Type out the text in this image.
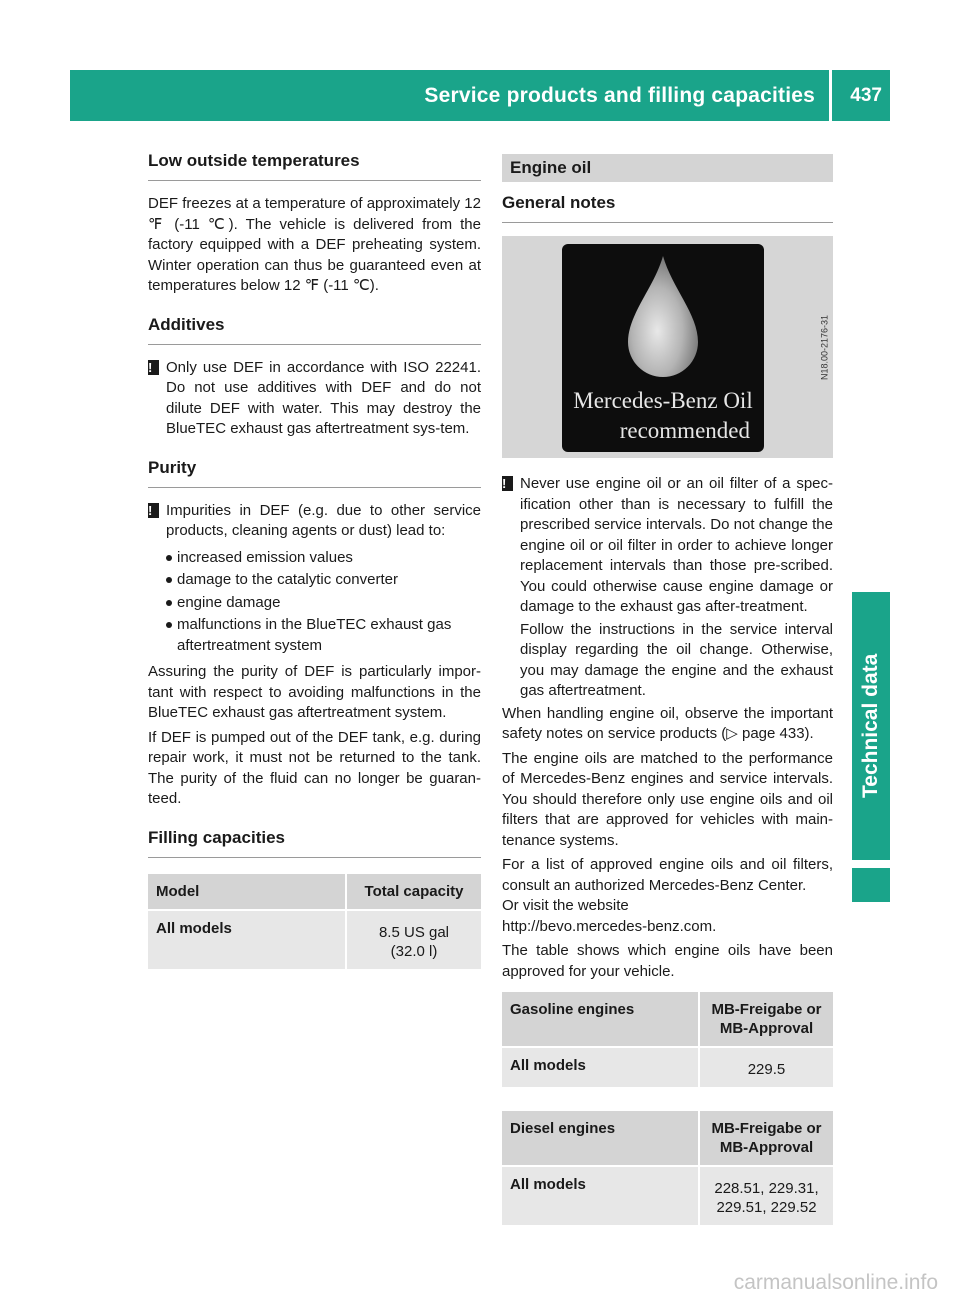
Service products and filling capacities 437
Technical data
Low outside temperatures

DEF freezes at a temperature of approximately 12 ℉ (-11 ℃). The vehicle is delivered from the factory equipped with a DEF preheating system. Winter operation can thus be guaranteed even at temperatures below 12 ℉ (-11 ℃).

Additives
! Only use DEF in accordance with ISO 22241. Do not use additives with DEF and do not dilute DEF with water. This may destroy the BlueTEC exhaust gas aftertreatment sys-tem.
Purity
! Impurities in DEF (e.g. due to other service products, cleaning agents or dust) lead to:
increased emission values
damage to the catalytic converter
engine damage
malfunctions in the BlueTEC exhaust gas aftertreatment system

Assuring the purity of DEF is particularly impor-tant with respect to avoiding malfunctions in the BlueTEC exhaust gas aftertreatment system.

If DEF is pumped out of the DEF tank, e.g. during repair work, it must not be returned to the tank. The purity of the fluid can no longer be guaran-teed.

Filling capacities
Model	Total capacity
All models	8.5 US gal
(32.0 l)
Engine oil
General notes
Mercedes-Benz Oil
recommended
N18.00-2176-31
! Never use engine oil or an oil filter of a spec-ification other than is necessary to fulfill the prescribed service intervals. Do not change the engine oil or oil filter in order to achieve longer replacement intervals than those pre-scribed. You could otherwise cause engine damage or damage to the exhaust gas after-treatment.
Follow the instructions in the service interval display regarding the oil change. Otherwise, you may damage the engine and the exhaust gas aftertreatment.

When handling engine oil, observe the important safety notes on service products (▷ page 433).

The engine oils are matched to the performance of Mercedes-Benz engines and service intervals. You should therefore only use engine oils and oil filters that are approved for vehicles with main-tenance systems.

For a list of approved engine oils and oil filters, consult an authorized Mercedes-Benz Center.

Or visit the website

http://bevo.mercedes-benz.com.

The table shows which engine oils have been approved for your vehicle.

Gasoline engines	MB-Freigabe or MB-Approval
All models	229.5
Diesel engines	MB-Freigabe or MB-Approval
All models	228.51, 229.31,
229.51, 229.52
carmanualsonline.info
